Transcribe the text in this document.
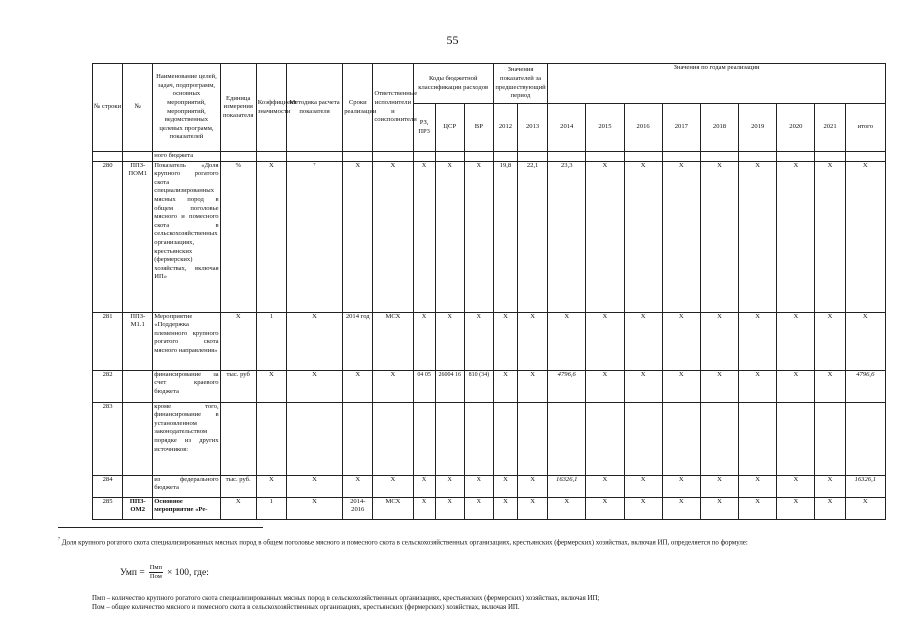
55
№ строки	№	Наименование целей, задач, подпрограмм, основных мероприятий, мероприятий, ведомственных целевых программ, показателей	Единица измерения показателя	Коэффициент значимости	Методика расчета показателя	Сроки реализации	Ответственные исполнители и соисполнители	Коды бюджетной классификации расходов			Значения показателей за предшествующий период		Значения по годам реализации								
								РЗ, ПР3	ЦСР	ВР	2012	2013	2014	2015	2016	2017	2018	2019	2020	2021	итого
		ного бюджета																			
280	ППЗ-ПОМ1	Показатель «Доля крупного рогатого скота специализированных мясных пород в общем поголовье мясного и помесного скота в сельскохозяйственных организациях, крестьянских (фермерских) хозяйствах, включая ИП»	%	X	⁷	X	X	X	X	X	19,8	22,1	23,3	X	X	X	X	X	X	X	X
281	ППЗ-М1.1	Мероприятие «Поддержка племенного крупного рогатого скота мясного направления»	X	1	X	2014 год	МСХ	X	X	X	X	X	X	X	X	X	X	X	X	X	X
282		финансирование за счет краевого бюджета	тыс. руб	X	X	X	X	04 05	26004 16	810 (34)	X	X	4796,6	X	X	X	X	X	X	X	4796,6
283		кроме того, финансирование в установленном законодательством порядке из других источников:																			
284		из федерального бюджета	тыс. руб.	X	X	X	X	X	X	X	X	X	16326,1	X	X	X	X	X	X	X	16326,1
285	ППЗ-ОМ2	Основное мероприятие «Ре-	X	1	X	2014-2016	МСХ	X	X	X	X	X	X	X	X	X	X	X	X	X	X
$^{^7}$ Доля крупного рогатого скота специализированных мясных пород в общем поголовье мясного и помесного скота в сельскохозяйственных организациях, крестьянских (фермерских) хозяйствах, включая ИП, определяется по формуле:
Умп = $\frac{\text{Пмп}}{\text{Пом}} \times 100$, где:
Пмп – количество крупного рогатого скота специализированных мясных пород в сельскохозяйственных организациях, крестьянских (фермерских) хозяйствах, включая ИП;
Пом – общее количество мясного и помесного скота в сельскохозяйственных организациях, крестьянских (фермерских) хозяйствах, включая ИП.
